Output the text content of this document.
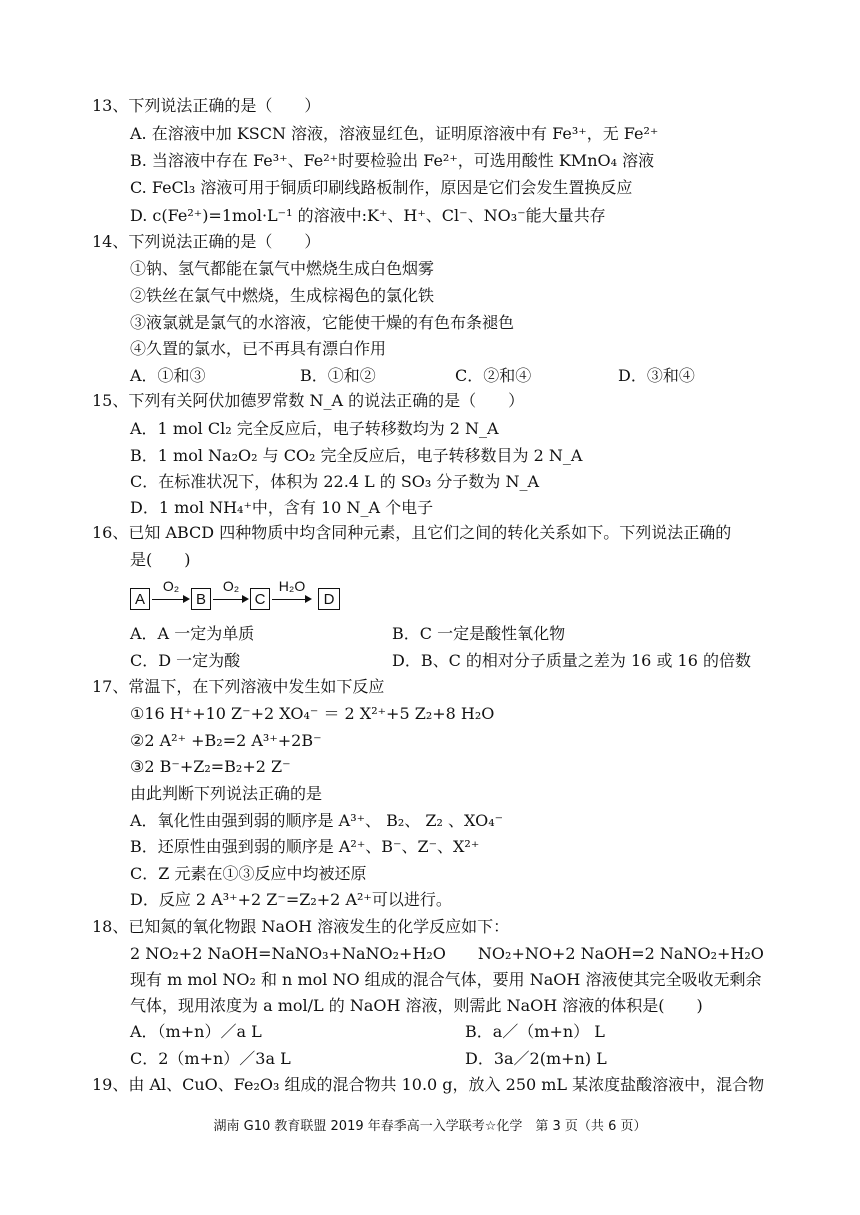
13、下列说法正确的是（　　）
A. 在溶液中加 KSCN 溶液，溶液显红色，证明原溶液中有 Fe³⁺，无 Fe²⁺
B. 当溶液中存在 Fe³⁺、Fe²⁺时要检验出 Fe²⁺，可选用酸性 KMnO₄ 溶液
C. FeCl₃ 溶液可用于铜质印刷线路板制作，原因是它们会发生置换反应
D. c(Fe²⁺)=1mol·L⁻¹ 的溶液中:K⁺、H⁺、Cl⁻、NO₃⁻能大量共存
14、下列说法正确的是（　　）
①钠、氢气都能在氯气中燃烧生成白色烟雾
②铁丝在氯气中燃烧，生成棕褐色的氯化铁
③液氯就是氯气的水溶液，它能使干燥的有色布条褪色
④久置的氯水，已不再具有漂白作用
A．①和③	B．①和②	C．②和④	D．③和④
15、下列有关阿伏加德罗常数 N_A 的说法正确的是（　　）
A．1 mol Cl₂ 完全反应后，电子转移数均为 2 N_A
B．1 mol Na₂O₂ 与 CO₂ 完全反应后，电子转移数目为 2 N_A
C．在标准状况下，体积为 22.4 L 的 SO₃ 分子数为 N_A
D．1 mol NH₄⁺中，含有 10 N_A 个电子
16、已知 ABCD 四种物质中均含同种元素，且它们之间的转化关系如下。下列说法正确的
是(　　)
A
O₂
B
O₂
C
H₂O
D
A．A 一定为单质	B．C 一定是酸性氧化物
C．D 一定为酸	D．B、C 的相对分子质量之差为 16 或 16 的倍数
17、常温下，在下列溶液中发生如下反应
①16 H⁺+10 Z⁻+2 XO₄⁻ ＝ 2 X²⁺+5 Z₂+8 H₂O
②2 A²⁺ +B₂=2 A³⁺+2B⁻
③2 B⁻+Z₂=B₂+2 Z⁻
由此判断下列说法正确的是
A．氧化性由强到弱的顺序是 A³⁺、 B₂、 Z₂ 、XO₄⁻
B．还原性由强到弱的顺序是 A²⁺、B⁻、Z⁻、X²⁺
C．Z 元素在①③反应中均被还原
D．反应 2 A³⁺+2 Z⁻=Z₂+2 A²⁺可以进行。
18、已知氮的氧化物跟 NaOH 溶液发生的化学反应如下：
2 NO₂+2 NaOH=NaNO₃+NaNO₂+H₂O　　NO₂+NO+2 NaOH=2 NaNO₂+H₂O
现有 m mol NO₂ 和 n mol NO 组成的混合气体，要用 NaOH 溶液使其完全吸收无剩余
气体，现用浓度为 a mol/L 的 NaOH 溶液，则需此 NaOH 溶液的体积是(　　)
A．（m+n）／a L	B．a／（m+n） L
C．2（m+n）／3a L	D．3a／2(m+n) L
19、由 Al、CuO、Fe₂O₃ 组成的混合物共 10.0 g，放入 250 mL 某浓度盐酸溶液中，混合物
湖南 G10 教育联盟 2019 年春季高一入学联考☆化学　第 3 页（共 6 页）
